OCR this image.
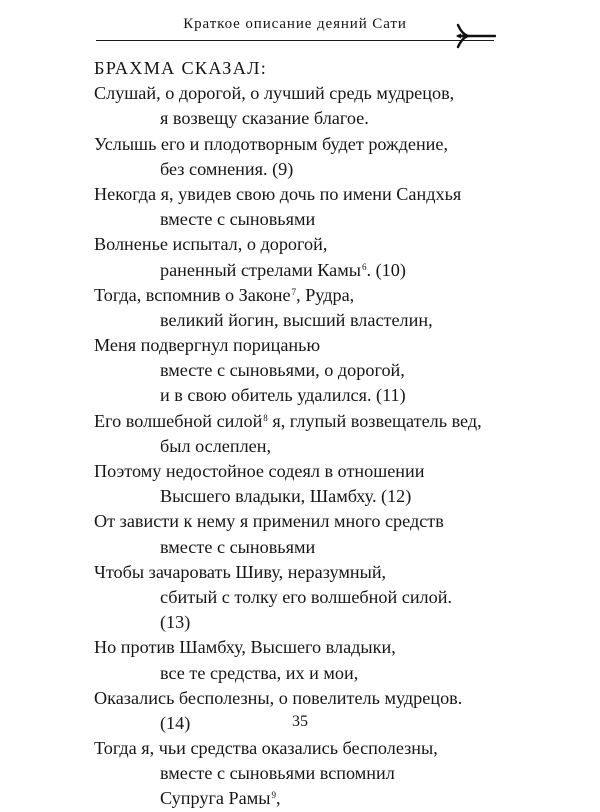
Краткое описание деяний Сати
БРАХМА СКАЗАЛ:
Слушай, о дорогой, о лучший средь мудрецов,
я возвещу сказание благое.
Услышь его и плодотворным будет рождение,
без сомнения. (9)
Некогда я, увидев свою дочь по имени Сандхья
вместе с сыновьями
Волненье испытал, о дорогой,
раненный стрелами Камы$^6$. (10)
Тогда, вспомнив о Законе$^7$, Рудра,
великий йогин, высший властелин,
Меня подвергнул порицанью
вместе с сыновьями, о дорогой,
и в свою обитель удалился. (11)
Его волшебной силой$^8$ я, глупый возвещатель вед,
был ослеплен,
Поэтому недостойное содеял в отношении
Высшего владыки, Шамбху. (12)
От зависти к нему я применил много средств
вместе с сыновьями
Чтобы зачаровать Шиву, неразумный,
сбитый с толку его волшебной силой.
(13)
Но против Шамбху, Высшего владыки,
все те средства, их и мои,
Оказались бесполезны, о повелитель мудрецов.
(14)
Тогда я, чьи средства оказались бесполезны,
вместе с сыновьями вспомнил
Супруга Рамы$^9$,
35
